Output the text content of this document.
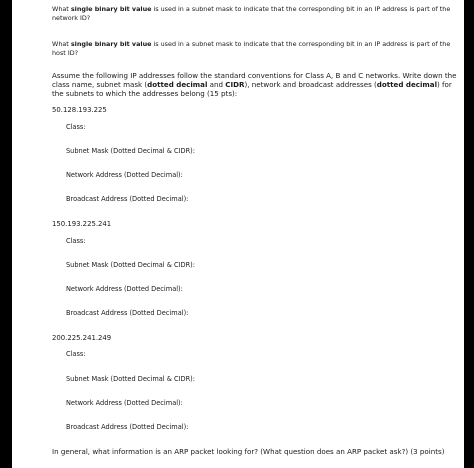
What single binary bit value is used in a subnet mask to indicate that the corresponding bit in an IP address is part of the network ID?
What single binary bit value is used in a subnet mask to indicate that the corresponding bit in an IP address is part of the host ID?
Assume the following IP addresses follow the standard conventions for Class A, B and C networks. Write down the class name, subnet mask (dotted decimal and CIDR), network and broadcast addresses (dotted decimal) for the subnets to which the addresses belong (15 pts):
50.128.193.225
Class:
Subnet Mask (Dotted Decimal & CIDR):
Network Address (Dotted Decimal):
Broadcast Address (Dotted Decimal):
150.193.225.241
Class:
Subnet Mask (Dotted Decimal & CIDR):
Network Address (Dotted Decimal):
Broadcast Address (Dotted Decimal):
200.225.241.249
Class:
Subnet Mask (Dotted Decimal & CIDR):
Network Address (Dotted Decimal):
Broadcast Address (Dotted Decimal):
In general, what information is an ARP packet looking for? (What question does an ARP packet ask?) (3 points)
